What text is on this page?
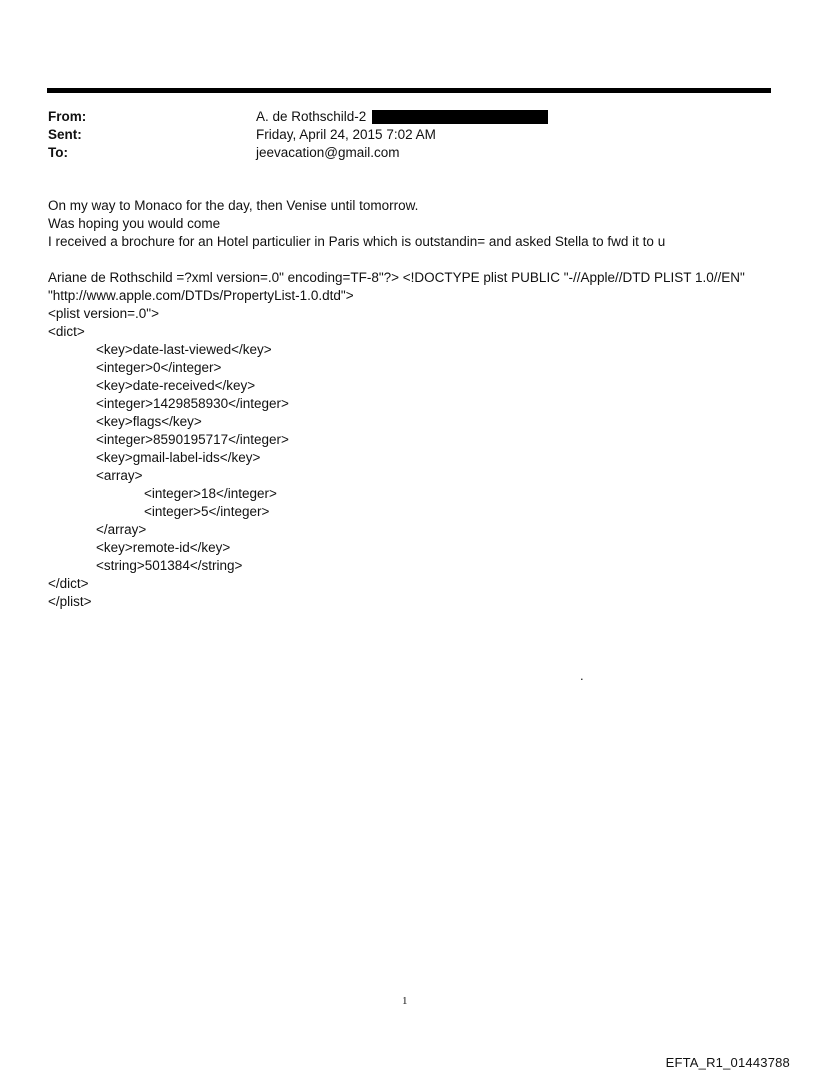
From:	A. de Rothschild-2
Sent:	Friday, April 24, 2015 7:02 AM
To:	jeevacation@gmail.com

On my way to Monaco for the day, then Venise until tomorrow.

Was hoping you would come

I received a brochure for an Hotel particulier in Paris which is outstandin= and asked Stella to fwd it to u

Ariane de Rothschild =?xml version=.0" encoding=TF-8"?> <!DOCTYPE plist PUBLIC "-//Apple//DTD PLIST 1.0//EN"
"http://www.apple.com/DTDs/PropertyList-1.0.dtd">
<plist version=.0">
<dict>
<key>date-last-viewed</key>
<integer>0</integer>
<key>date-received</key>
<integer>1429858930</integer>
<key>flags</key>
<integer>8590195717</integer>
<key>gmail-label-ids</key>
<array>
<integer>18</integer>
<integer>5</integer>
</array>
<key>remote-id</key>
<string>501384</string>
</dict>
</plist>
.
1
EFTA_R1_01443788
